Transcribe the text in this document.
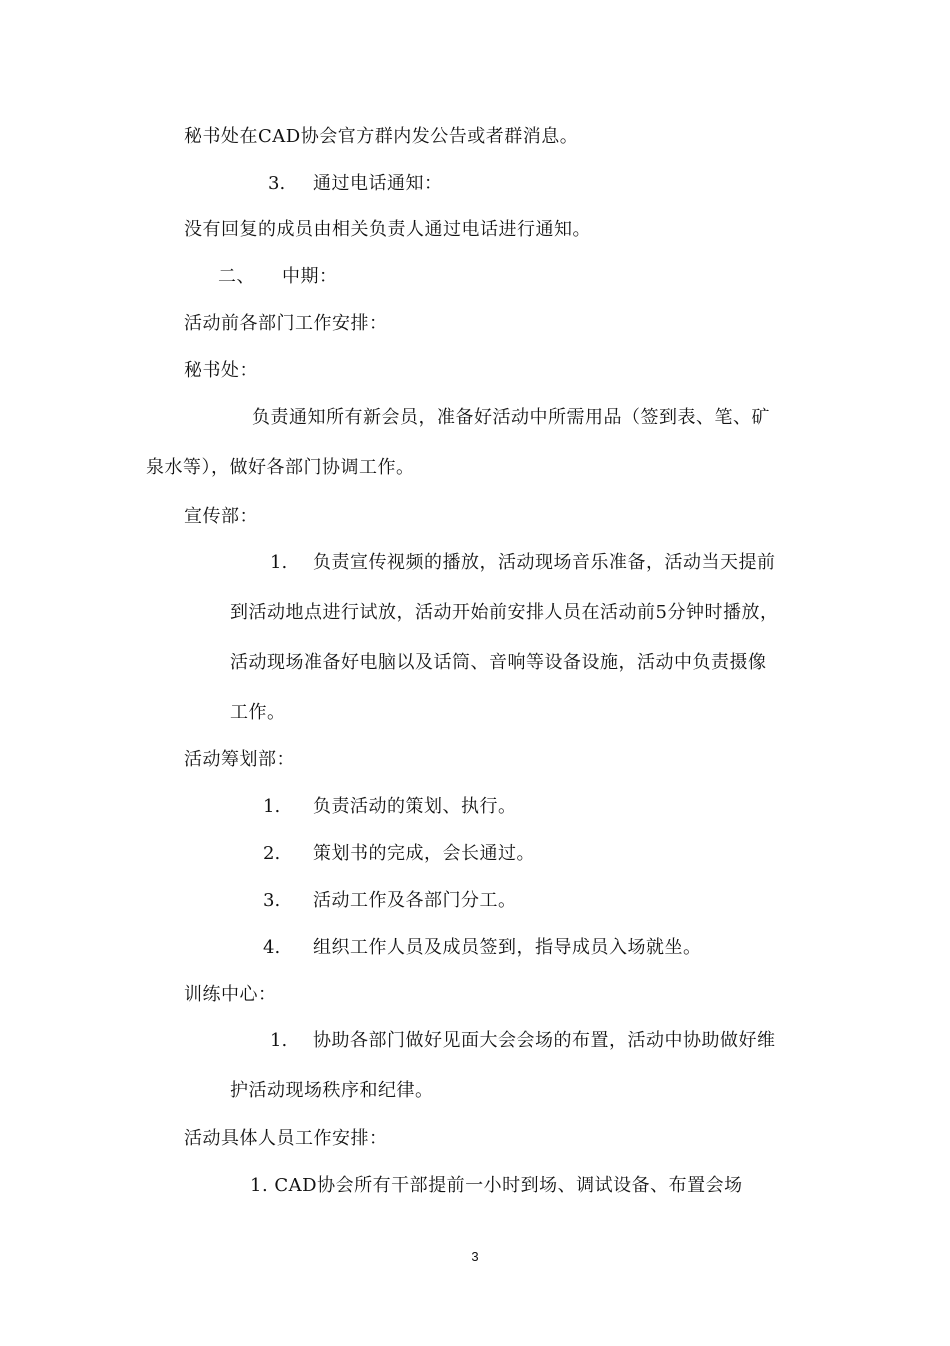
秘书处在CAD协会官方群内发公告或者群消息。
3. 通过电话通知：
没有回复的成员由相关负责人通过电话进行通知。
二、 中期：
活动前各部门工作安排：
秘书处：
负责通知所有新会员，准备好活动中所需用品（签到表、笔、矿
泉水等），做好各部门协调工作。
宣传部：
1. 负责宣传视频的播放，活动现场音乐准备，活动当天提前
到活动地点进行试放，活动开始前安排人员在活动前5分钟时播放，
活动现场准备好电脑以及话筒、音响等设备设施，活动中负责摄像
工作。
活动筹划部：
1. 负责活动的策划、执行。
2. 策划书的完成，会长通过。
3. 活动工作及各部门分工。
4. 组织工作人员及成员签到，指导成员入场就坐。
训练中心：
1. 协助各部门做好见面大会会场的布置，活动中协助做好维
护活动现场秩序和纪律。
活动具体人员工作安排：
1. CAD协会所有干部提前一小时到场、调试设备、布置会场
3
